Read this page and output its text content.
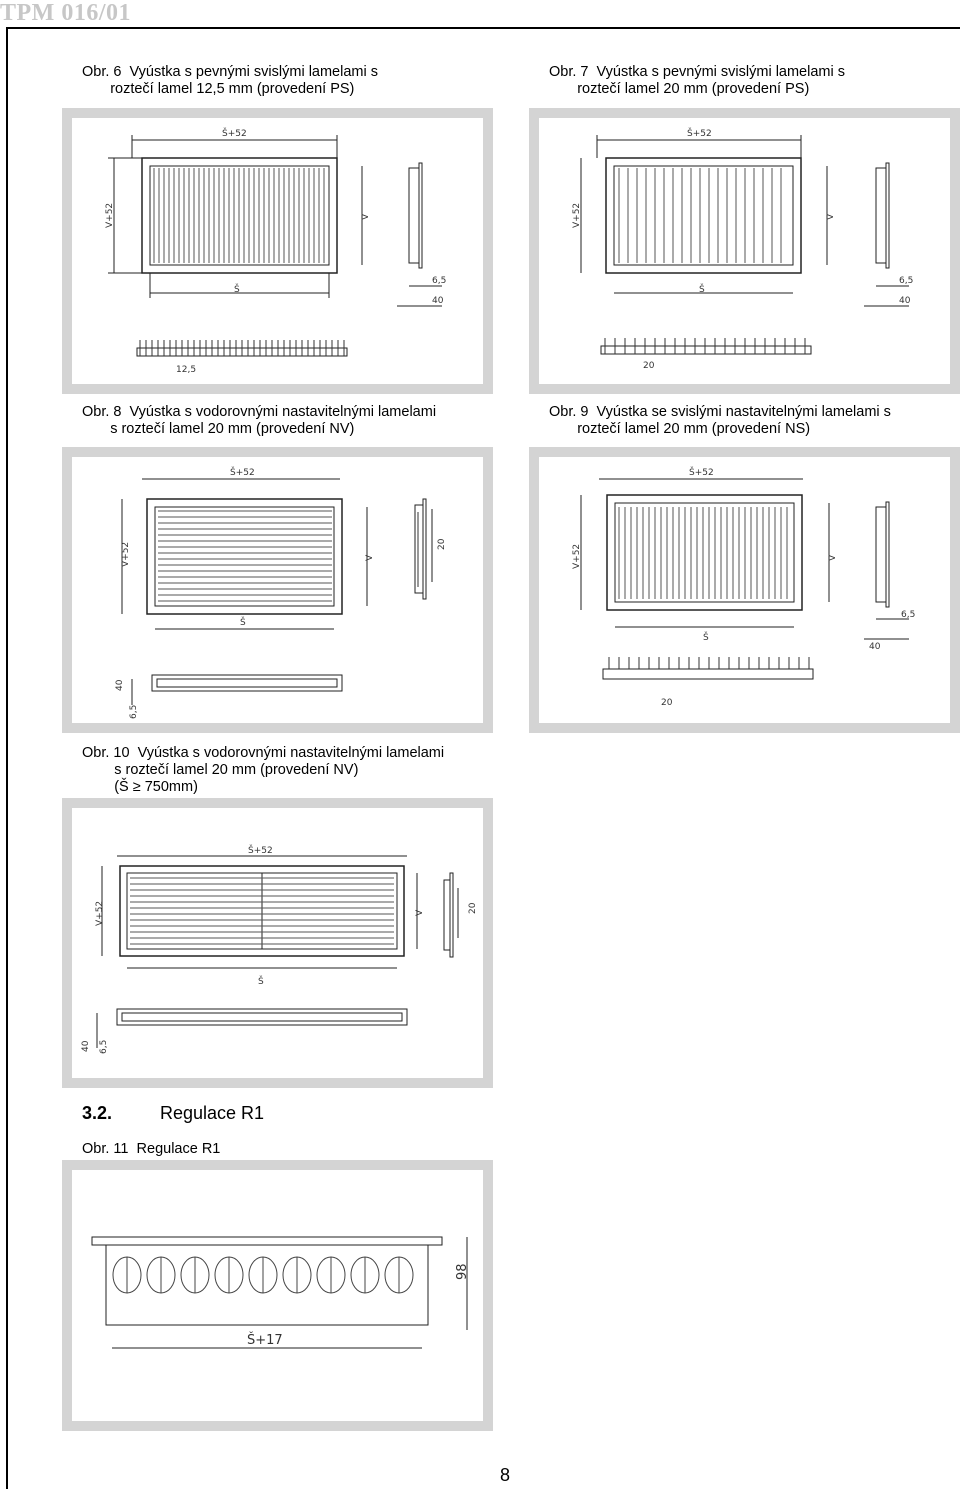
TPM 016/01
Obr. 6  Vyústka s pevnými svislými lamelami s
roztečí lamel 12,5 mm (provedení PS)
Obr. 7  Vyústka s pevnými svislými lamelami s
roztečí lamel 20 mm (provedení PS)
Obr. 8  Vyústka s vodorovnými nastavitelnými lamelami
s roztečí lamel 20 mm (provedení NV)
Obr. 9  Vyústka se svislými nastavitelnými lamelami s
roztečí lamel 20 mm (provedení NS)
Obr. 10  Vyústka s vodorovnými nastavitelnými lamelami
s roztečí lamel 20 mm (provedení NV)
(Š ≥ 750mm)
Š+52
V+52	V
Š
6,5
40
12,5
Š+52
V+52	V
Š
6,5
40
20
Š+52
V+52	V
Š
20
40
6,5
Š+52
V+52	V
Š
6,5
40
20
Š+52
V+52	V
Š
20
40 6,5
3.2.	Regulace R1
Obr. 11  Regulace R1
98
Š+17
8
